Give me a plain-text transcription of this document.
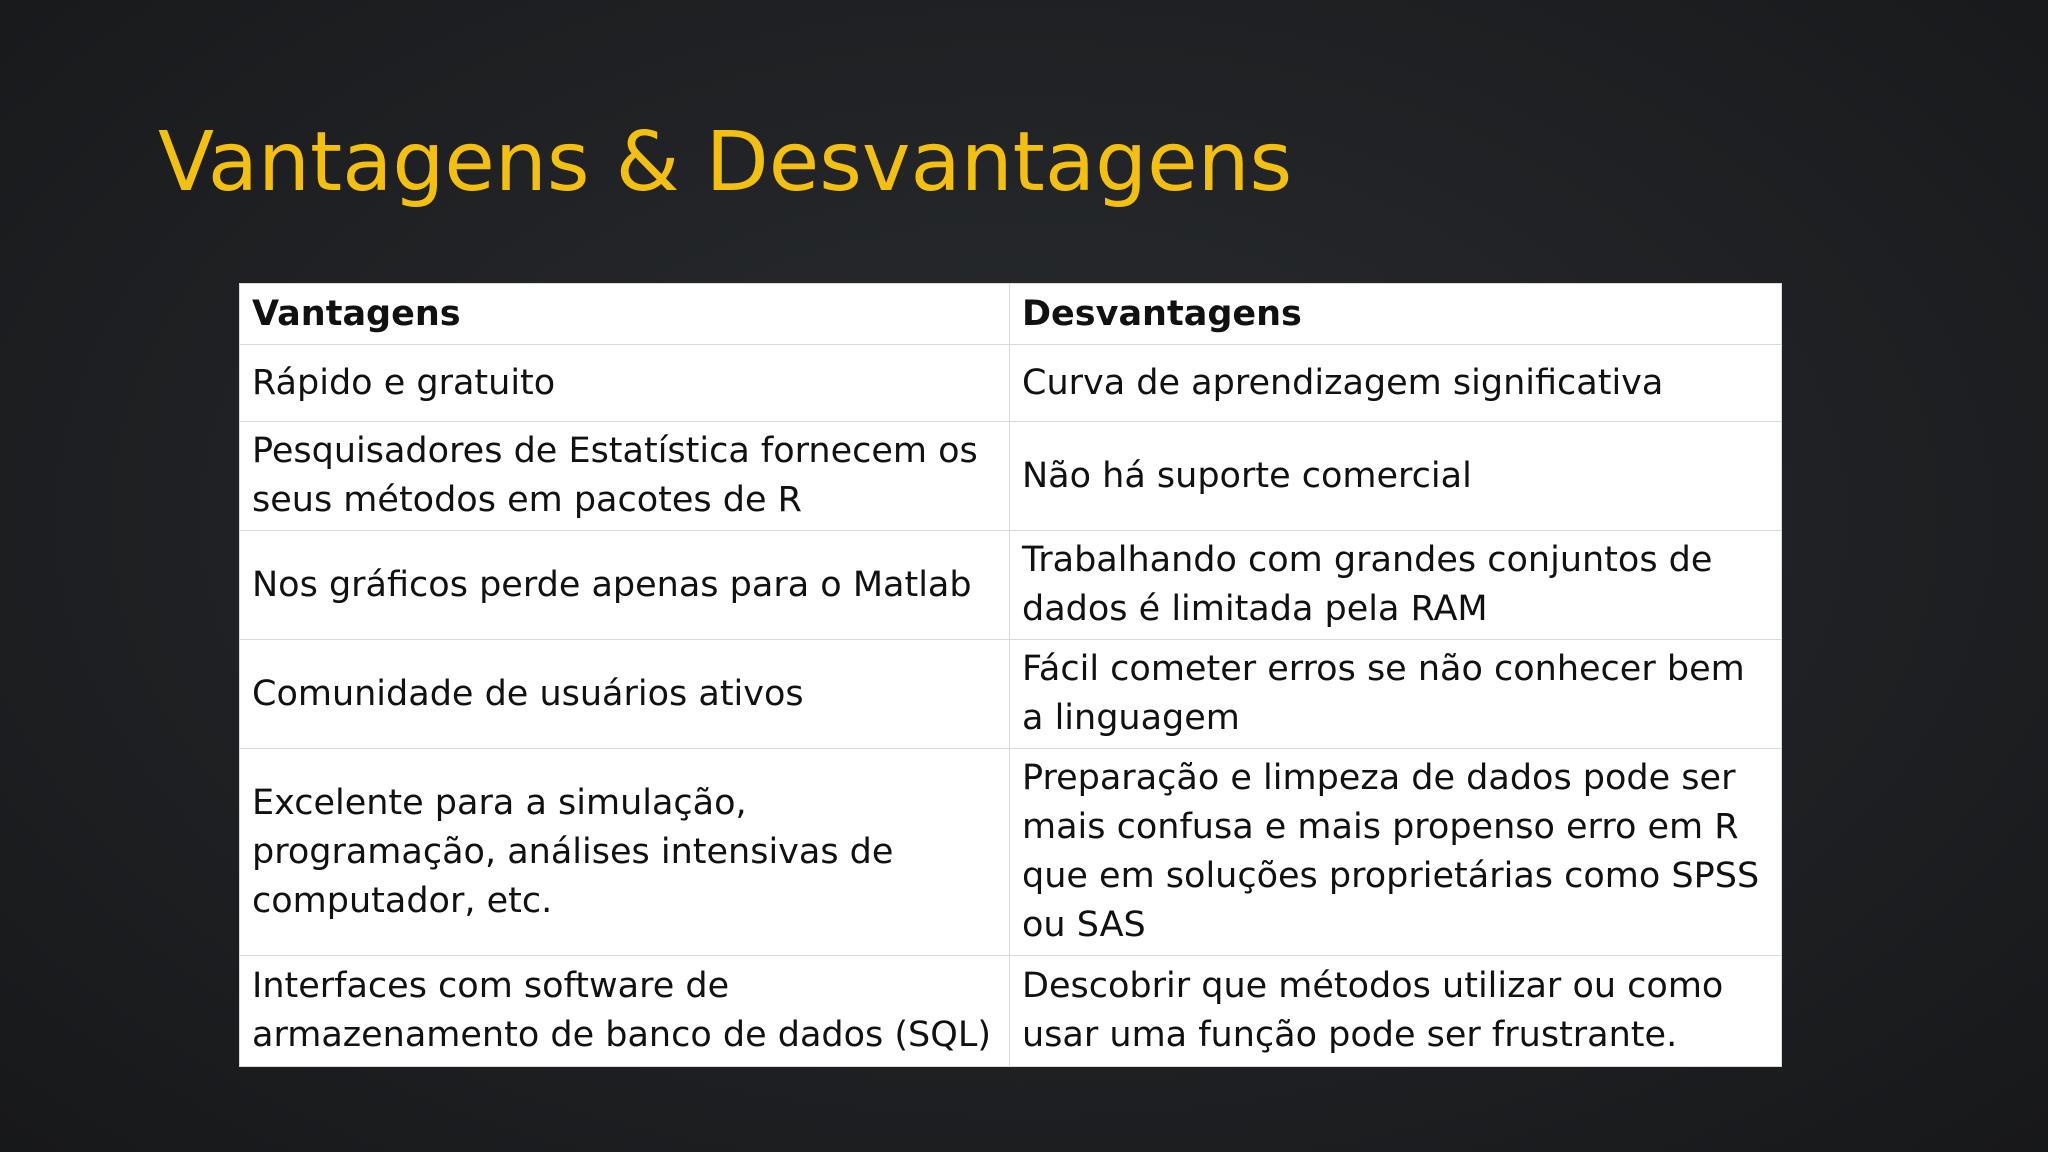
Vantagens & Desvantagens
Vantagens	Desvantagens
Rápido e gratuito	Curva de aprendizagem significativa
Pesquisadores de Estatística fornecem os seus métodos em pacotes de R	Não há suporte comercial
Nos gráficos perde apenas para o Matlab	Trabalhando com grandes conjuntos de dados é limitada pela RAM
Comunidade de usuários ativos	Fácil cometer erros se não conhecer bem a linguagem
Excelente para a simulação, programação, análises intensivas de computador, etc.	Preparação e limpeza de dados pode ser mais confusa e mais propenso erro em R que em soluções proprietárias como SPSS ou SAS
Interfaces com software de armazenamento de banco de dados (SQL)	Descobrir que métodos utilizar ou como usar uma função pode ser frustrante.
